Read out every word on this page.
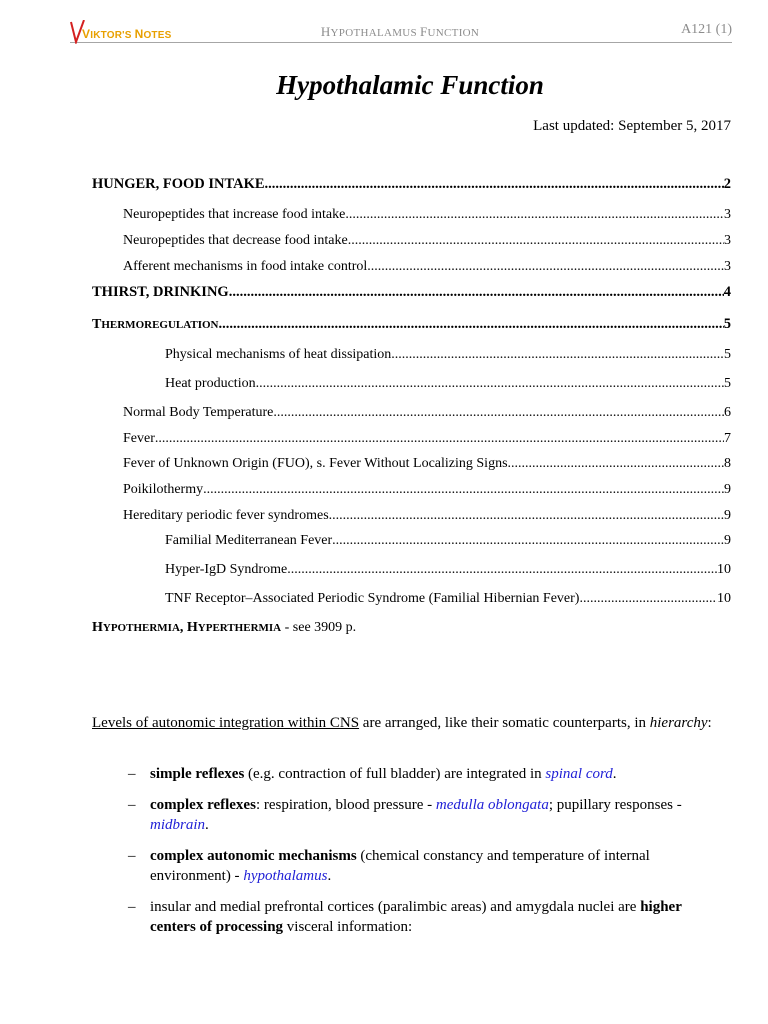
VIKTOR'S NOTES	HYPOTHALAMUS FUNCTION	A121 (1)
Hypothalamic Function
Last updated: September 5, 2017
HUNGER, FOOD INTAKE .....	2
Neuropeptides that increase food intake .....	3
Neuropeptides that decrease food intake .....	3
Afferent mechanisms in food intake control .....	3
THIRST, DRINKING .....	4
THERMOREGULATION .....	5
Physical mechanisms of heat dissipation .....	5
Heat production .....	5
Normal Body Temperature .....	6
Fever .....	7
Fever of Unknown Origin (FUO), s. Fever Without Localizing Signs .....	8
Poikilothermy .....	9
Hereditary periodic fever syndromes .....	9
Familial Mediterranean Fever .....	9
Hyper-IgD Syndrome .....	10
TNF Receptor–Associated Periodic Syndrome (Familial Hibernian Fever) .....	10
HYPOTHERMIA, HYPERTHERMIA - see 3909 p.
Levels of autonomic integration within CNS are arranged, like their somatic counterparts, in hierarchy:
– simple reflexes (e.g. contraction of full bladder) are integrated in spinal cord.
– complex reflexes: respiration, blood pressure - medulla oblongata; pupillary responses - midbrain.
– complex autonomic mechanisms (chemical constancy and temperature of internal environment) - hypothalamus.
– insular and medial prefrontal cortices (paralimbic areas) and amygdala nuclei are higher centers of processing visceral information:
